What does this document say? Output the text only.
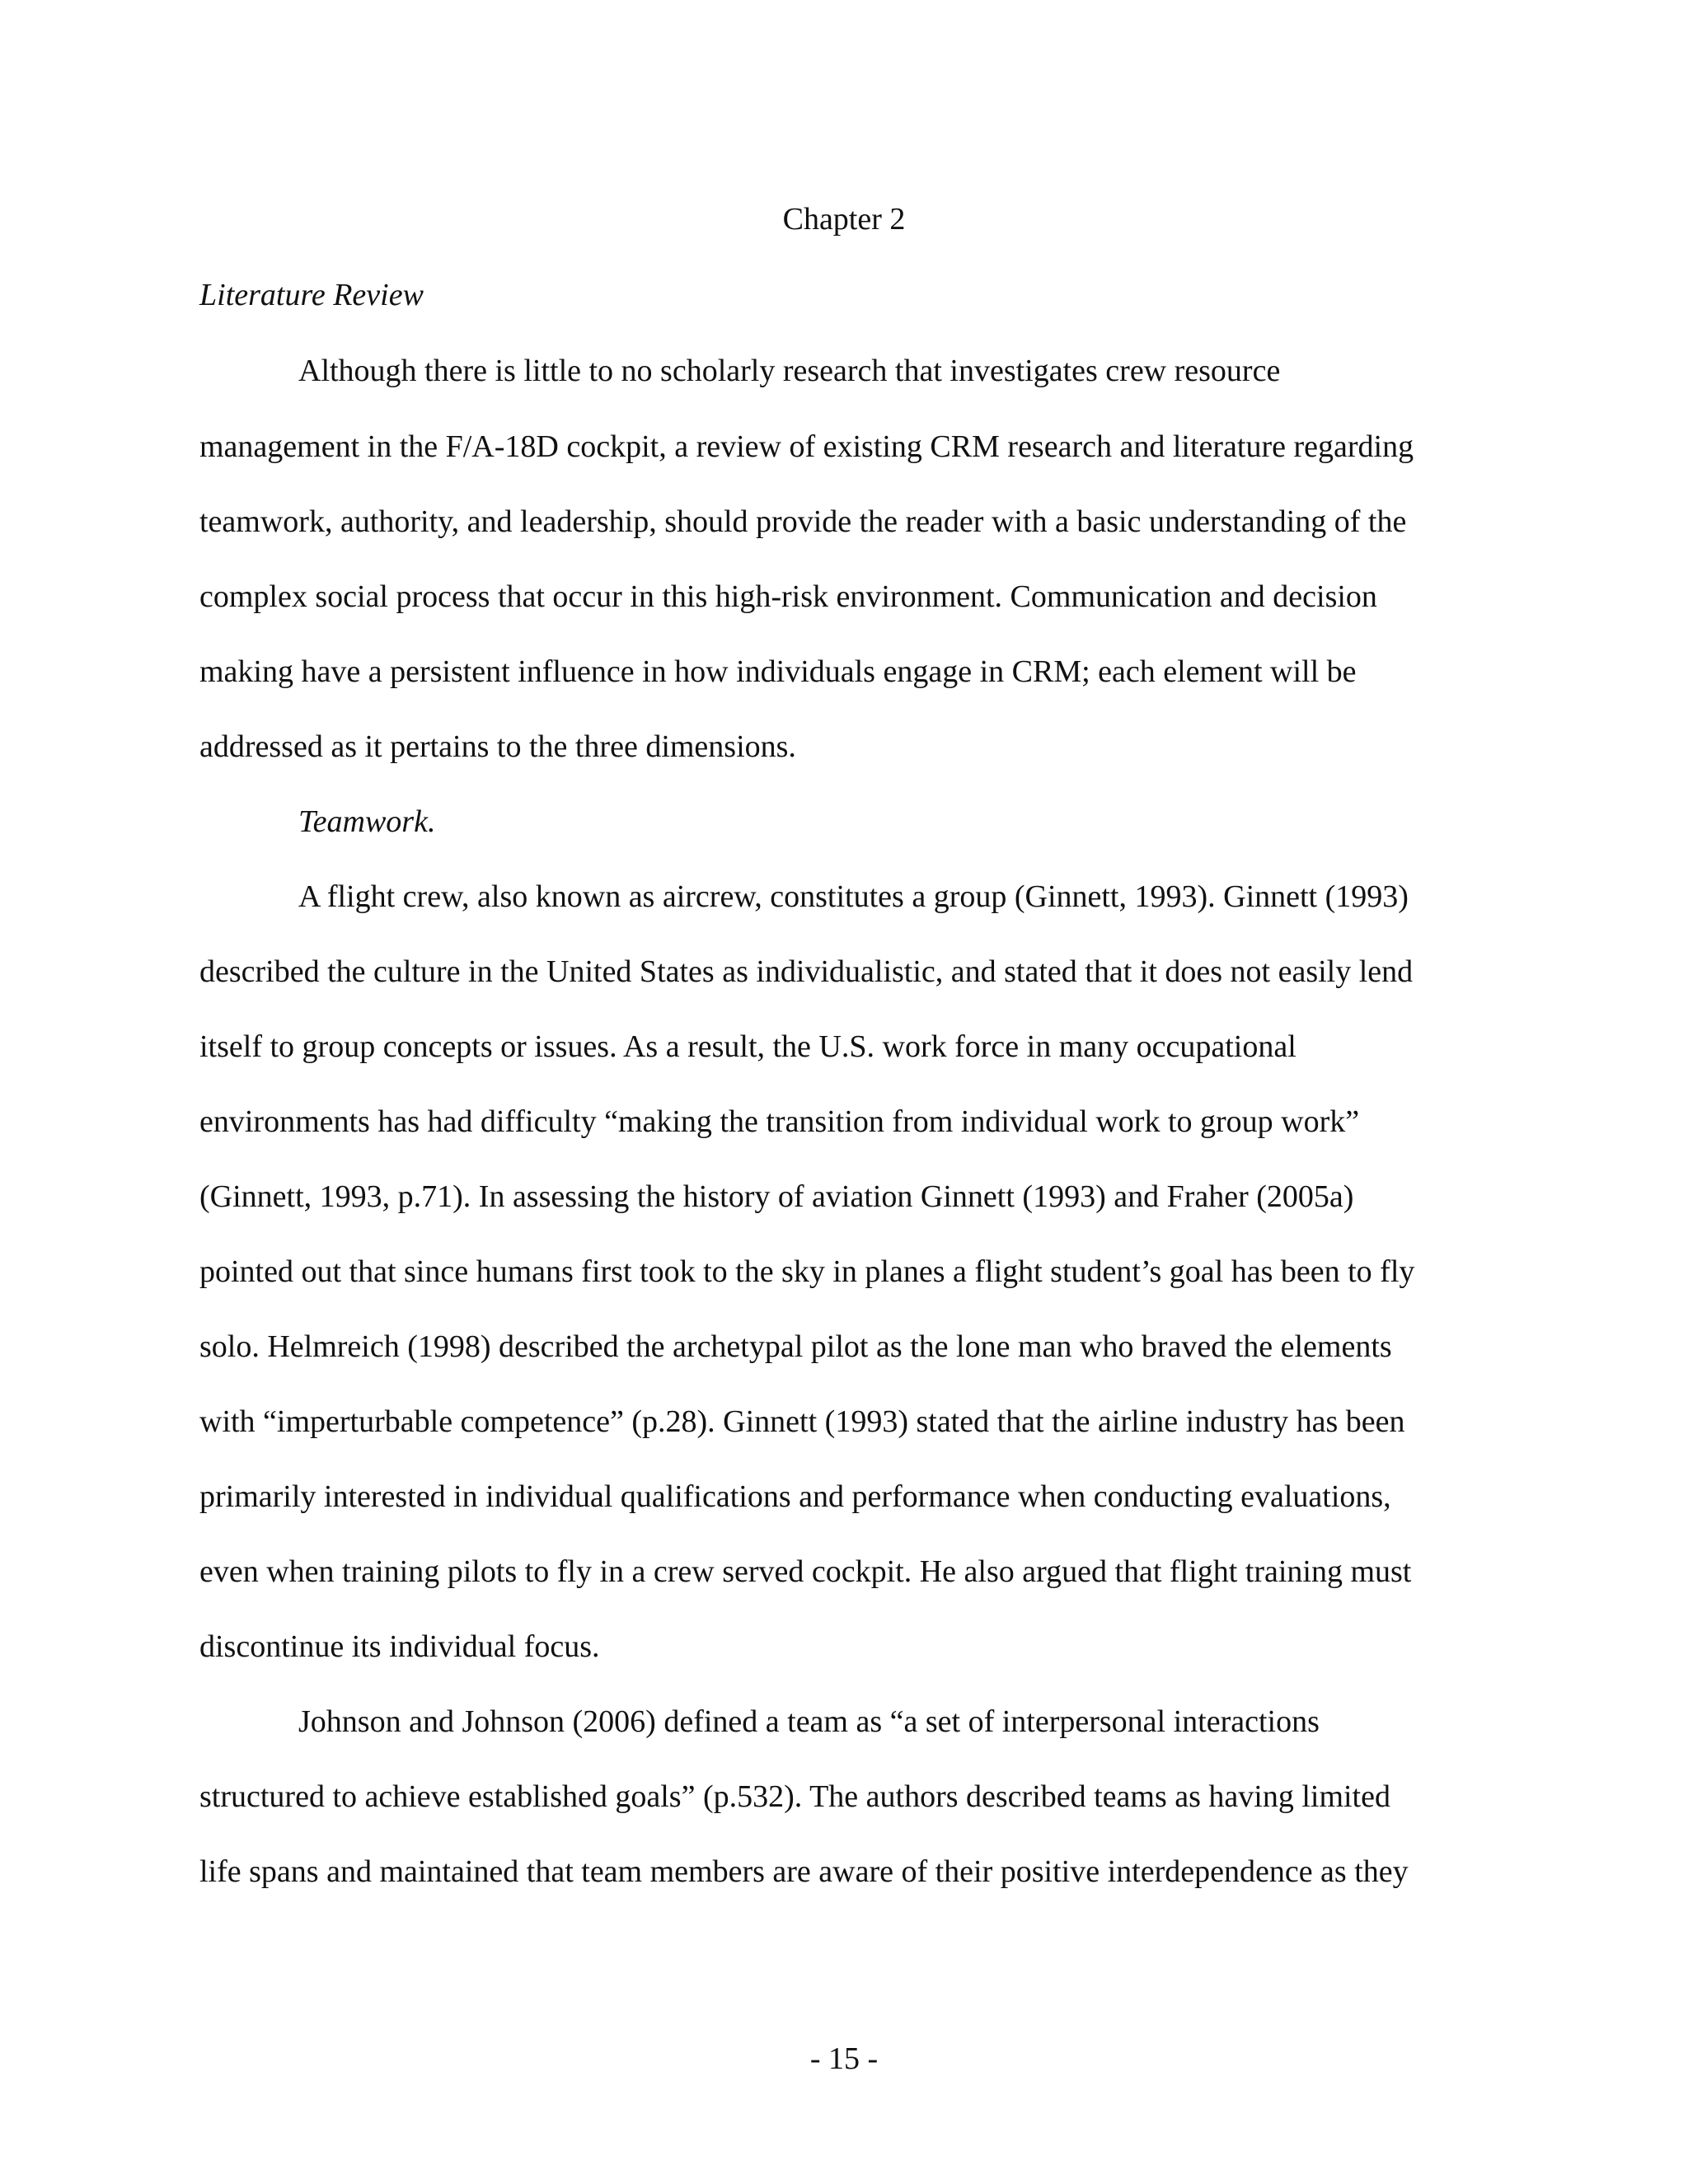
Chapter 2
Literature Review
Although there is little to no scholarly research that investigates crew resource
management in the F/A-18D cockpit, a review of existing CRM research and literature regarding
teamwork, authority, and leadership, should provide the reader with a basic understanding of the
complex social process that occur in this high-risk environment. Communication and decision
making have a persistent influence in how individuals engage in CRM; each element will be
addressed as it pertains to the three dimensions.
Teamwork.
A flight crew, also known as aircrew, constitutes a group (Ginnett, 1993). Ginnett (1993)
described the culture in the United States as individualistic, and stated that it does not easily lend
itself to group concepts or issues. As a result, the U.S. work force in many occupational
environments has had difficulty “making the transition from individual work to group work”
(Ginnett, 1993, p.71). In assessing the history of aviation Ginnett (1993) and Fraher (2005a)
pointed out that since humans first took to the sky in planes a flight student’s goal has been to fly
solo. Helmreich (1998) described the archetypal pilot as the lone man who braved the elements
with “imperturbable competence” (p.28). Ginnett (1993) stated that the airline industry has been
primarily interested in individual qualifications and performance when conducting evaluations,
even when training pilots to fly in a crew served cockpit. He also argued that flight training must
discontinue its individual focus.
Johnson and Johnson (2006) defined a team as “a set of interpersonal interactions
structured to achieve established goals” (p.532). The authors described teams as having limited
life spans and maintained that team members are aware of their positive interdependence as they
- 15 -
